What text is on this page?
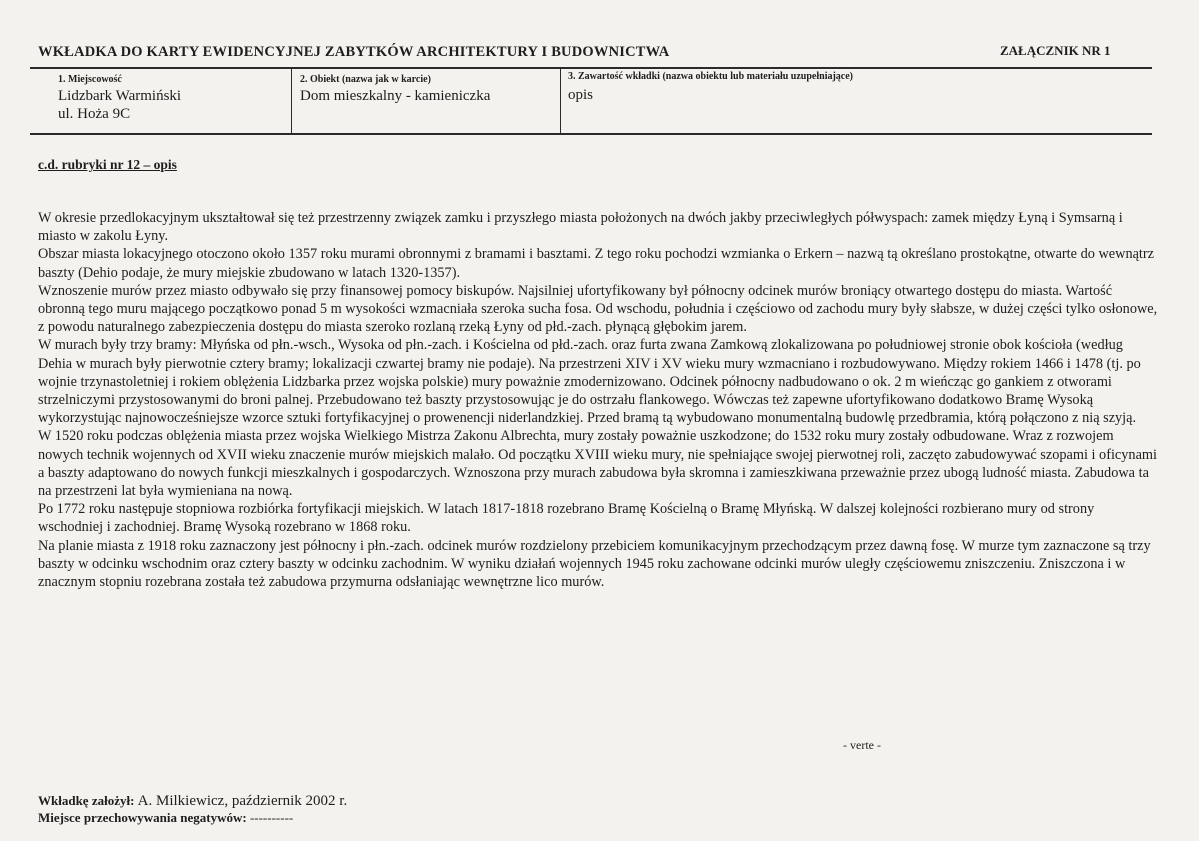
WKŁADKA DO KARTY EWIDENCYJNEJ ZABYTKÓW ARCHITEKTURY I BUDOWNICTWA	ZAŁĄCZNIK NR 1
1. Miejscowość
Lidzbark Warmiński
ul. Hoża 9C
2. Obiekt (nazwa jak w karcie)
Dom mieszkalny - kamieniczka
3. Zawartość wkładki (nazwa obiektu lub materiału uzupełniające)
opis
c.d. rubryki nr 12 – opis

W okresie przedlokacyjnym ukształtował się też przestrzenny związek zamku i przyszłego miasta położonych na dwóch jakby przeciwległych półwyspach: zamek między Łyną i Symsarną i miasto w zakolu Łyny.

Obszar miasta lokacyjnego otoczono około 1357 roku murami obronnymi z bramami i basztami. Z tego roku pochodzi wzmianka o Erkern – nazwą tą określano prostokątne, otwarte do wewnątrz baszty (Dehio podaje, że mury miejskie zbudowano w latach 1320-1357).

Wznoszenie murów przez miasto odbywało się przy finansowej pomocy biskupów. Najsilniej ufortyfikowany był północny odcinek murów broniący otwartego dostępu do miasta. Wartość obronną tego muru mającego początkowo ponad 5 m wysokości wzmacniała szeroka sucha fosa. Od wschodu, południa i częściowo od zachodu mury były słabsze, w dużej części tylko osłonowe, z powodu naturalnego zabezpieczenia dostępu do miasta szeroko rozlaną rzeką Łyny od płd.-zach. płynącą głębokim jarem.

W murach były trzy bramy: Młyńska od płn.-wsch., Wysoka od płn.-zach. i Kościelna od płd.-zach. oraz furta zwana Zamkową zlokalizowana po południowej stronie obok kościoła (według Dehia w murach były pierwotnie cztery bramy; lokalizacji czwartej bramy nie podaje). Na przestrzeni XIV i XV wieku mury wzmacniano i rozbudowywano. Między rokiem 1466 i 1478 (tj. po wojnie trzynastoletniej i rokiem oblężenia Lidzbarka przez wojska polskie) mury poważnie zmodernizowano. Odcinek północny nadbudowano o ok. 2 m wieńcząc go gankiem z otworami strzelniczymi przystosowanymi do broni palnej. Przebudowano też baszty przystosowując je do ostrzału flankowego. Wówczas też zapewne ufortyfikowano dodatkowo Bramę Wysoką wykorzystując najnowocześniejsze wzorce sztuki fortyfikacyjnej o prowenencji niderlandzkiej. Przed bramą tą wybudowano monumentalną budowlę przedbramia, którą połączono z nią szyją.

W 1520 roku podczas oblężenia miasta przez wojska Wielkiego Mistrza Zakonu Albrechta, mury zostały poważnie uszkodzone; do 1532 roku mury zostały odbudowane. Wraz z rozwojem nowych technik wojennych od XVII wieku znaczenie murów miejskich malało. Od początku XVIII wieku mury, nie spełniające swojej pierwotnej roli, zaczęto zabudowywać szopami i oficynami a baszty adaptowano do nowych funkcji mieszkalnych i gospodarczych. Wznoszona przy murach zabudowa była skromna i zamieszkiwana przeważnie przez ubogą ludność miasta. Zabudowa ta na przestrzeni lat była wymieniana na nową.

Po 1772 roku następuje stopniowa rozbiórka fortyfikacji miejskich. W latach 1817-1818 rozebrano Bramę Kościelną o Bramę Młyńską. W dalszej kolejności rozbierano mury od strony wschodniej i zachodniej. Bramę Wysoką rozebrano w 1868 roku.

Na planie miasta z 1918 roku zaznaczony jest północny i płn.-zach. odcinek murów rozdzielony przebiciem komunikacyjnym przechodzącym przez dawną fosę. W murze tym zaznaczone są trzy baszty w odcinku wschodnim oraz cztery baszty w odcinku zachodnim. W wyniku działań wojennych 1945 roku zachowane odcinki murów uległy częściowemu zniszczeniu. Zniszczona i w znacznym stopniu rozebrana została też zabudowa przymurna odsłaniając wewnętrzne lico murów.

- verte -
Wkładkę założył: A. Milkiewicz, październik 2002 r.
Miejsce przechowywania negatywów: ----------
